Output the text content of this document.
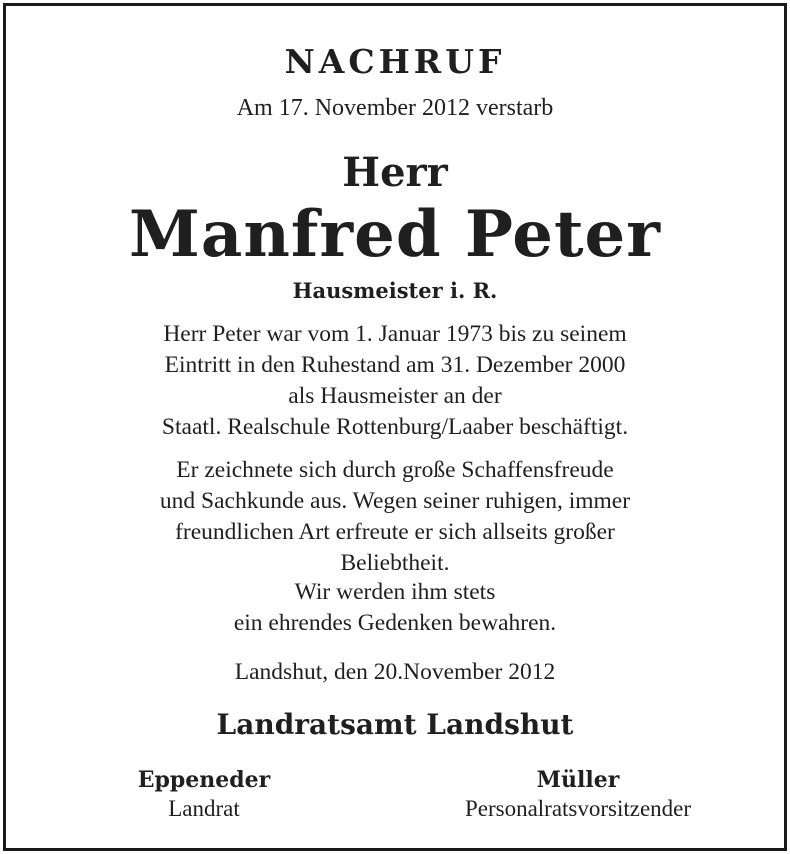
NACHRUF
Am 17. November 2012 verstarb
Herr
Manfred Peter
Hausmeister i. R.
Herr Peter war vom 1. Januar 1973 bis zu seinem
Eintritt in den Ruhestand am 31. Dezember 2000
als Hausmeister an der
Staatl. Realschule Rottenburg/Laaber beschäftigt.
Er zeichnete sich durch große Schaffensfreude
und Sachkunde aus. Wegen seiner ruhigen, immer
freundlichen Art erfreute er sich allseits großer
Beliebtheit.
Wir werden ihm stets
ein ehrendes Gedenken bewahren.
Landshut, den 20.November 2012
Landratsamt Landshut
Eppeneder
Landrat
Müller
Personalratsvorsitzender
